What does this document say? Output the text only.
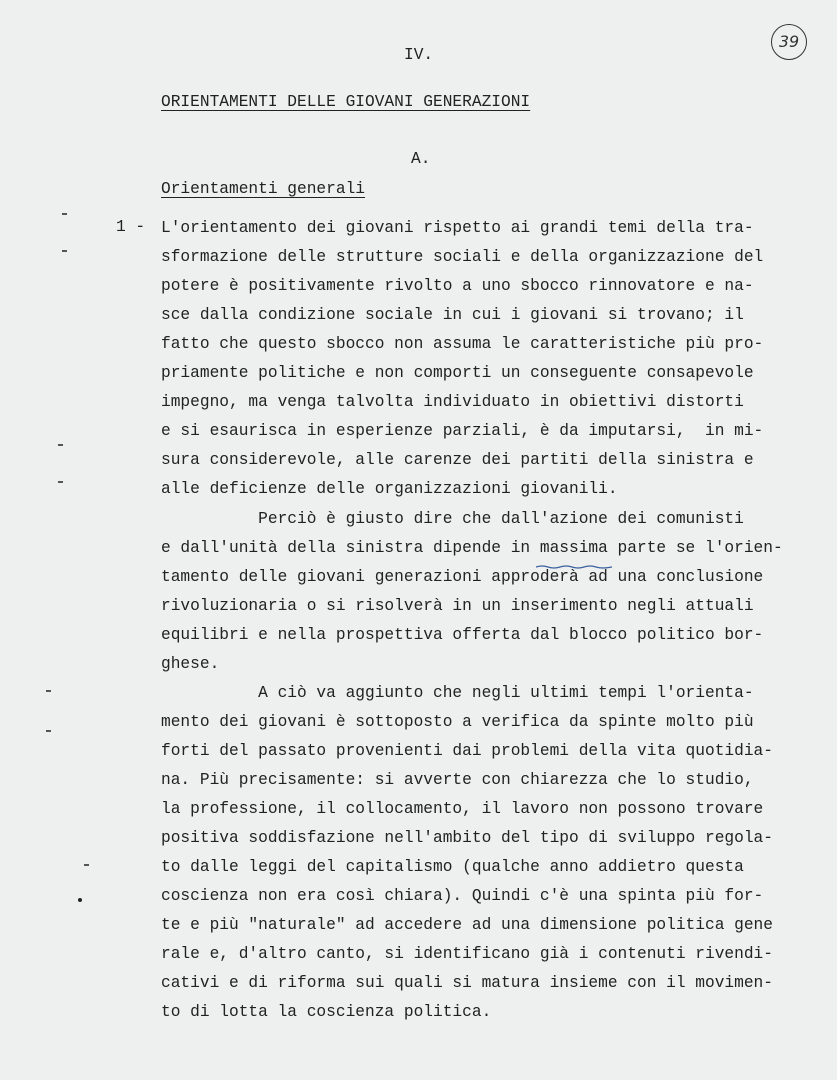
39
IV.
ORIENTAMENTI DELLE GIOVANI GENERAZIONI
A.
Orientamenti generali
1 - L'orientamento dei giovani rispetto ai grandi temi della tra-
sformazione delle strutture sociali e della organizzazione del
potere è positivamente rivolto a uno sbocco rinnovatore e na-
sce dalla condizione sociale in cui i giovani si trovano; il
fatto che questo sbocco non assuma le caratteristiche più pro-
priamente politiche e non comporti un conseguente consapevole
impegno, ma venga talvolta individuato in obiettivi distorti
e si esaurisca in esperienze parziali, è da imputarsi,  in mi-
sura considerevole, alle carenze dei partiti della sinistra e
alle deficienze delle organizzazioni giovanili.
Perciò è giusto dire che dall'azione dei comunisti
e dall'unità della sinistra dipende in massima parte se l'orien-
tamento delle giovani generazioni approderà ad una conclusione
rivoluzionaria o si risolverà in un inserimento negli attuali
equilibri e nella prospettiva offerta dal blocco politico bor-
ghese.
A ciò va aggiunto che negli ultimi tempi l'orienta-
mento dei giovani è sottoposto a verifica da spinte molto più
forti del passato provenienti dai problemi della vita quotidia-
na. Più precisamente: si avverte con chiarezza che lo studio,
la professione, il collocamento, il lavoro non possono trovare
positiva soddisfazione nell'ambito del tipo di sviluppo regola-
to dalle leggi del capitalismo (qualche anno addietro questa
coscienza non era così chiara). Quindi c'è una spinta più for-
te e più "naturale" ad accedere ad una dimensione politica gene
rale e, d'altro canto, si identificano già i contenuti rivendi-
cativi e di riforma sui quali si matura insieme con il movimen-
to di lotta la coscienza politica.
